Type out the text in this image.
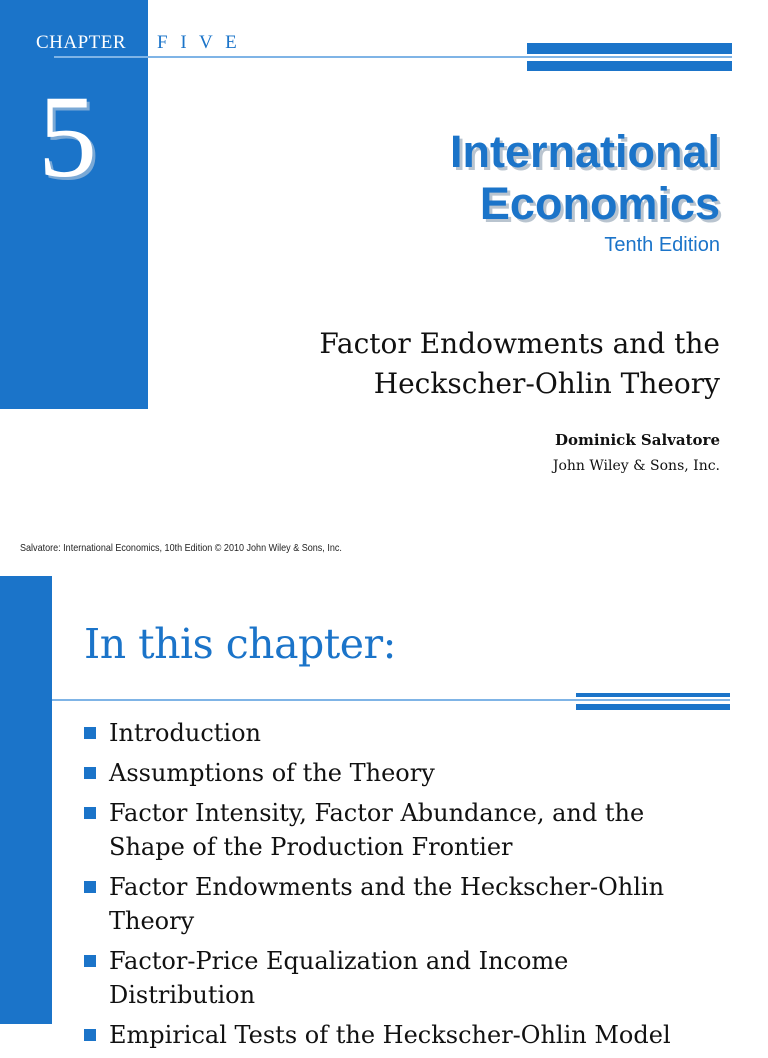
CHAPTER F I V E
5	International
Economics
Tenth Edition
Factor Endowments and the
Heckscher-Ohlin Theory
Dominick Salvatore
John Wiley & Sons, Inc.
Salvatore: International Economics, 10th Edition © 2010 John Wiley & Sons, Inc.
In this chapter:
Introduction
Assumptions of the Theory
Factor Intensity, Factor Abundance, and the
Shape of the Production Frontier
Factor Endowments and the Heckscher-Ohlin
Theory
Factor-Price Equalization and Income
Distribution
Empirical Tests of the Heckscher-Ohlin Model
